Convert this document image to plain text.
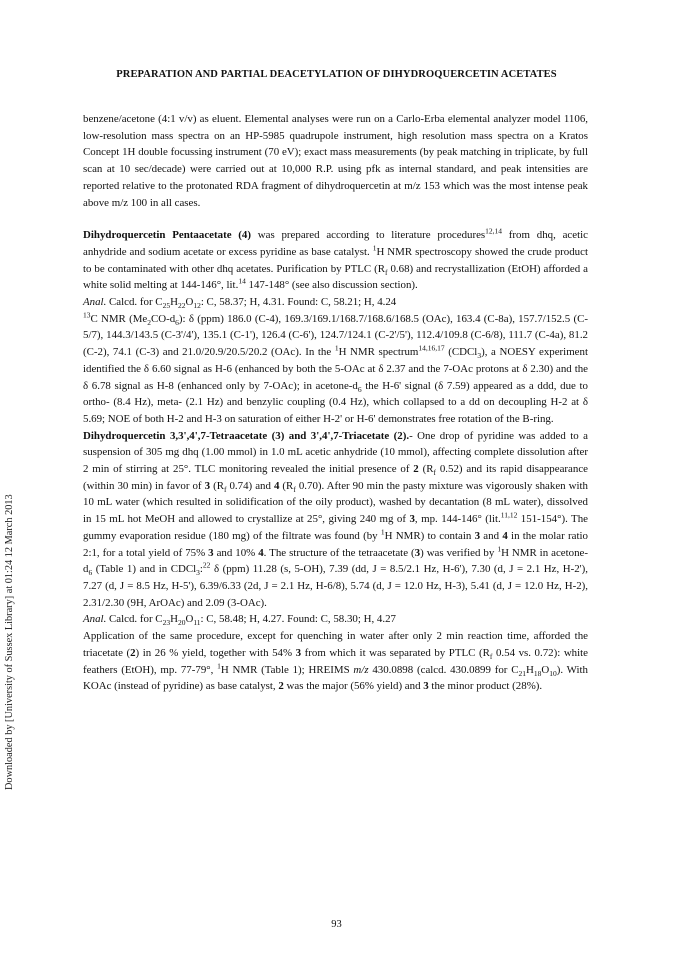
PREPARATION AND PARTIAL DEACETYLATION OF DIHYDROQUERCETIN ACETATES
Downloaded by [University of Sussex Library] at 01:24 12 March 2013

benzene/acetone (4:1 v/v) as eluent. Elemental analyses were run on a Carlo-Erba elemental analyzer model 1106, low-resolution mass spectra on an HP-5985 quadrupole instrument, high resolution mass spectra on a Kratos Concept 1H double focussing instrument (70 eV); exact mass measurements (by peak matching in triplicate, by full scan at 10 sec/decade) were carried out at 10,000 R.P. using pfk as internal standard, and peak intensities are reported relative to the protonated RDA fragment of dihydroquercetin at m/z 153 which was the most intense peak above m/z 100 in all cases.

Dihydroquercetin Pentaacetate (4) was prepared according to literature procedures$^{12,14}$ from dhq, acetic anhydride and sodium acetate or excess pyridine as base catalyst. $^1$H NMR spectroscopy showed the crude product to be contaminated with other dhq acetates. Purification by PTLC ($R_f$ 0.68) and recrystallization (EtOH) afforded a white solid melting at 144-146°, lit.$^{14}$ 147-148° (see also discussion section).

Anal. Calcd. for $C_{25}H_{22}O_{12}$: C, 58.37; H, 4.31. Found: C, 58.21; H, 4.24

$^{13}$C NMR $(Me_2CO-d_6)$: δ (ppm) 186.0 (C-4), 169.3/169.1/168.7/168.6/168.5 (OAc), 163.4 (C-8a), 157.7/152.5 (C-5/7), 144.3/143.5 (C-3'/4'), 135.1 (C-1'), 126.4 (C-6'), 124.7/124.1 (C-2'/5'), 112.4/109.8 (C-6/8), 111.7 (C-4a), 81.2 (C-2), 74.1 (C-3) and 21.0/20.9/20.5/20.2 (OAc). In the $^1$H NMR spectrum$^{14,16,17}$ (CDCl$_3$), a NOESY experiment identified the δ 6.60 signal as H-6 (enhanced by both the 5-OAc at δ 2.37 and the 7-OAc protons at δ 2.30) and the δ 6.78 signal as H-8 (enhanced only by 7-OAc); in acetone-$d_6$ the H-6' signal (δ 7.59) appeared as a ddd, due to ortho- (8.4 Hz), meta- (2.1 Hz) and benzylic coupling (0.4 Hz), which collapsed to a dd on decoupling H-2 at δ 5.69; NOE of both H-2 and H-3 on saturation of either H-2' or H-6' demonstrates free rotation of the B-ring.

Dihydroquercetin 3,3',4',7-Tetraacetate (3) and 3',4',7-Triacetate (2).- One drop of pyridine was added to a suspension of 305 mg dhq (1.00 mmol) in 1.0 mL acetic anhydride (10 mmol), affecting complete dissolution after 2 min of stirring at 25°. TLC monitoring revealed the initial presence of 2 ($R_f$ 0.52) and its rapid disappearance (within 30 min) in favor of 3 ($R_f$ 0.74) and 4 ($R_f$ 0.70). After 90 min the pasty mixture was vigorously shaken with 10 mL water (which resulted in solidification of the oily product), washed by decantation (8 mL water), dissolved in 15 mL hot MeOH and allowed to crystallize at 25°, giving 240 mg of 3, mp. 144-146° (lit.$^{11,12}$ 151-154°). The gummy evaporation residue (180 mg) of the filtrate was found (by $^1$H NMR) to contain 3 and 4 in the molar ratio 2:1, for a total yield of 75% 3 and 10% 4. The structure of the tetraacetate (3) was verified by $^1$H NMR in acetone-$d_6$ (Table 1) and in CDCl$_3$:$^{22}$ δ (ppm) 11.28 (s, 5-OH), 7.39 (dd, J = 8.5/2.1 Hz, H-6'), 7.30 (d, J = 2.1 Hz, H-2'), 7.27 (d, J = 8.5 Hz, H-5'), 6.39/6.33 (2d, J = 2.1 Hz, H-6/8), 5.74 (d, J = 12.0 Hz, H-3), 5.41 (d, J = 12.0 Hz, H-2), 2.31/2.30 (9H, ArOAc) and 2.09 (3-OAc).

Anal. Calcd. for $C_{23}H_{20}O_{11}$: C, 58.48; H, 4.27. Found: C, 58.30; H, 4.27

Application of the same procedure, except for quenching in water after only 2 min reaction time, afforded the triacetate (2) in 26 % yield, together with 54% 3 from which it was separated by PTLC ($R_f$ 0.54 vs. 0.72): white feathers (EtOH), mp. 77-79°, $^1$H NMR (Table 1); HREIMS m/z 430.0898 (calcd. 430.0899 for $C_{21}H_{18}O_{10}$). With KOAc (instead of pyridine) as base catalyst, 2 was the major (56% yield) and 3 the minor product (28%).

93
